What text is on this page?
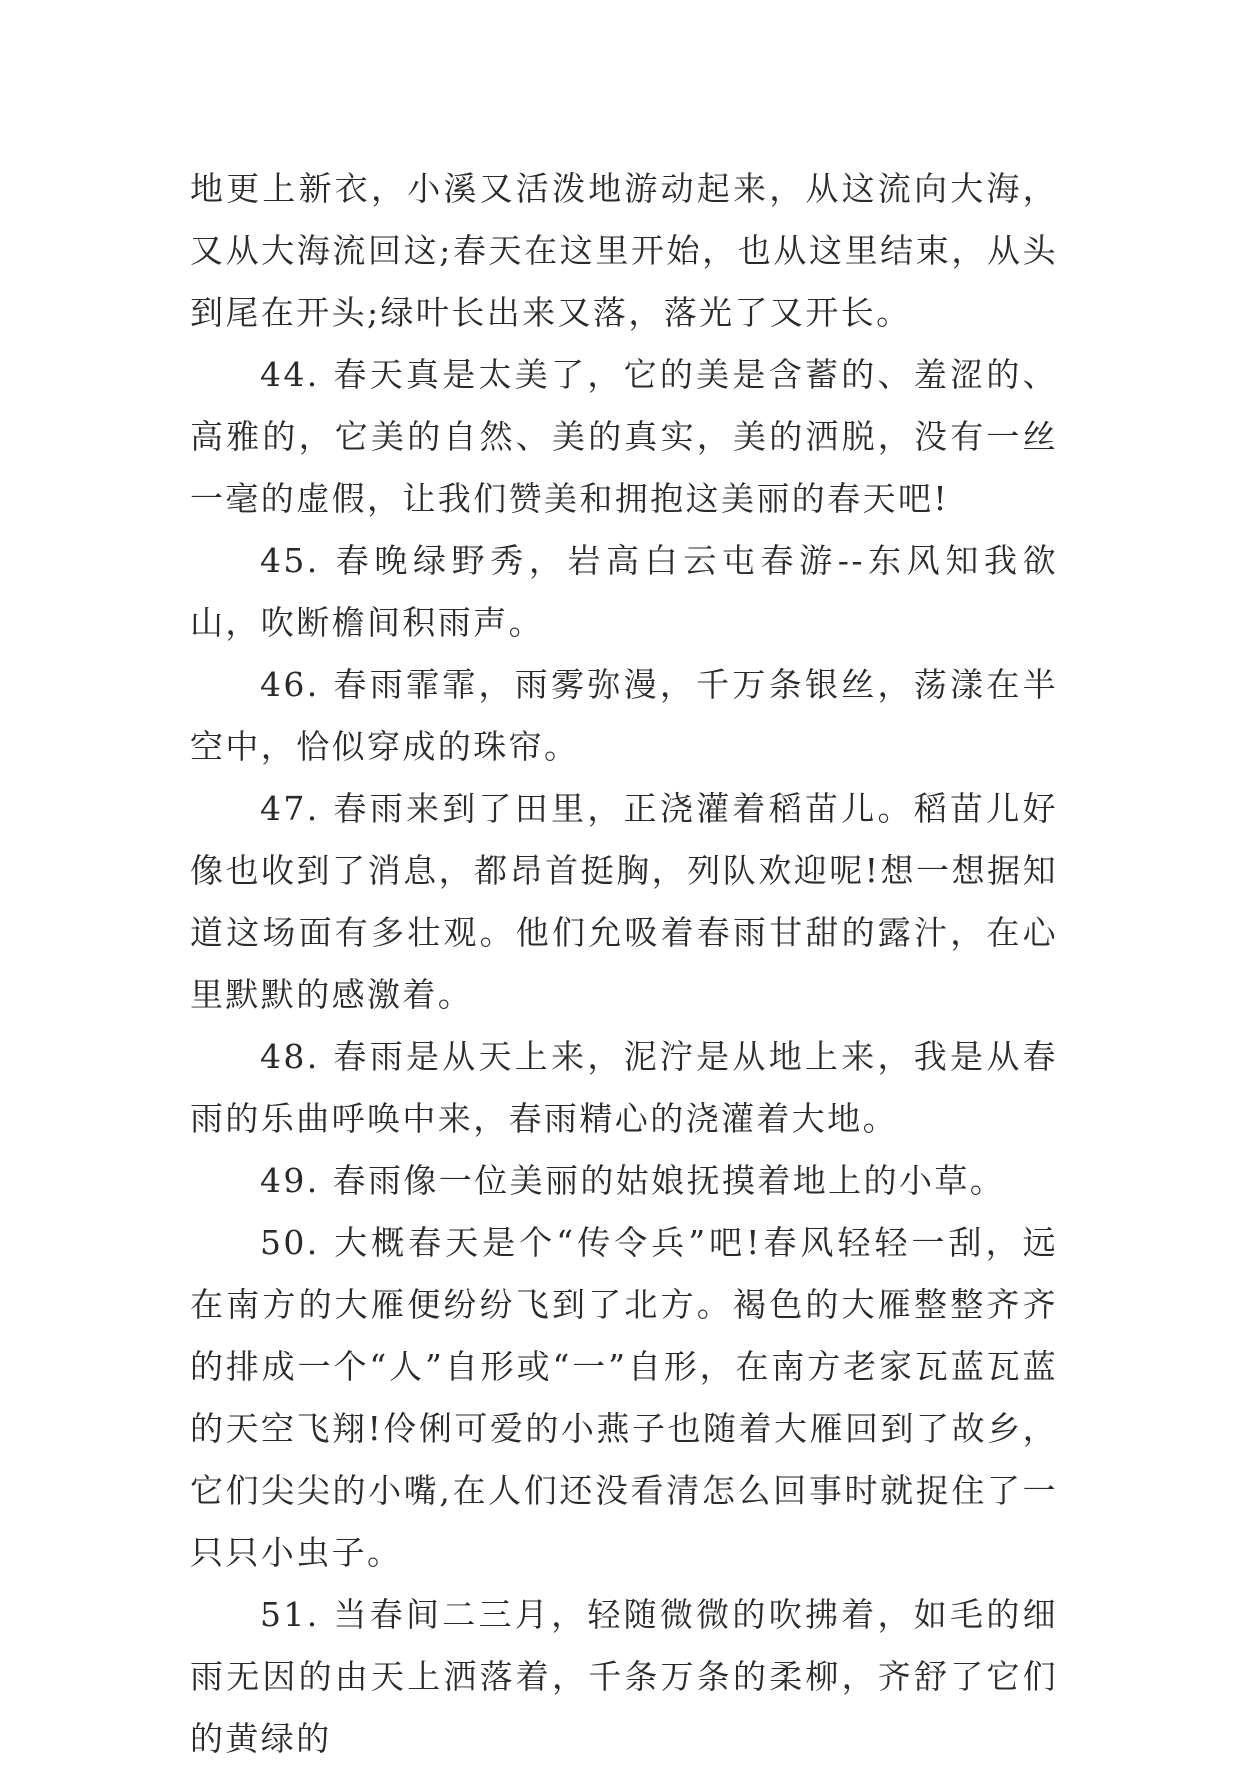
地更上新衣，小溪又活泼地游动起来，从这流向大海，又从大海流回这;春天在这里开始，也从这里结束，从头到尾在开头;绿叶长出来又落，落光了又开长。

44. 春天真是太美了，它的美是含蓄的、羞涩的、高雅的，它美的自然、美的真实，美的洒脱，没有一丝一毫的虚假，让我们赞美和拥抱这美丽的春天吧!

45. 春晚绿野秀，岩高白云屯春游--东风知我欲山，吹断檐间积雨声。

46. 春雨霏霏，雨雾弥漫，千万条银丝，荡漾在半空中，恰似穿成的珠帘。

47. 春雨来到了田里，正浇灌着稻苗儿。稻苗儿好像也收到了消息，都昂首挺胸，列队欢迎呢!想一想据知道这场面有多壮观。他们允吸着春雨甘甜的露汁，在心里默默的感激着。

48. 春雨是从天上来，泥泞是从地上来，我是从春雨的乐曲呼唤中来，春雨精心的浇灌着大地。

49. 春雨像一位美丽的姑娘抚摸着地上的小草。

50. 大概春天是个“传令兵”吧!春风轻轻一刮，远在南方的大雁便纷纷飞到了北方。褐色的大雁整整齐齐的排成一个“人”自形或“一”自形，在南方老家瓦蓝瓦蓝的天空飞翔!伶俐可爱的小燕子也随着大雁回到了故乡，它们尖尖的小嘴,在人们还没看清怎么回事时就捉住了一只只小虫子。

51. 当春间二三月，轻随微微的吹拂着，如毛的细雨无因的由天上洒落着，千条万条的柔柳，齐舒了它们的黄绿的
